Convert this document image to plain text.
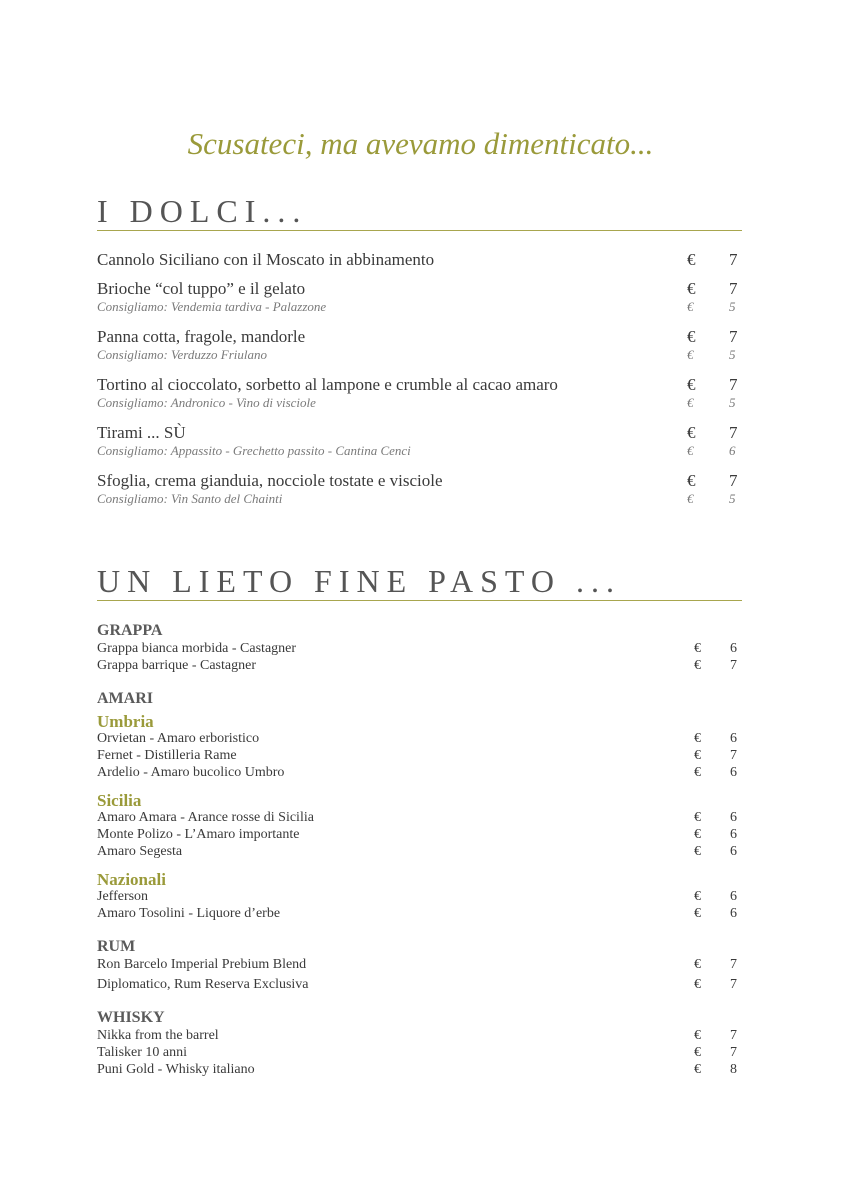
Scusateci, ma avevamo dimenticato...
I DOLCI...
Cannolo Siciliano con il Moscato in abbinamento	€ 7
Brioche “col tuppo” e il gelato	€ 7
Consigliamo: Vendemia tardiva - Palazzone	€	5
Panna cotta, fragole, mandorle	€ 7
Consigliamo: Verduzzo Friulano	€	5
Tortino al cioccolato, sorbetto al lampone e crumble al cacao amaro	€ 7
Consigliamo: Andronico - Vino di visciole	€	5
Tirami ... SÙ	€ 7
Consigliamo: Appassito - Grechetto passito - Cantina Cenci	€	6
Sfoglia, crema gianduia, nocciole tostate e visciole	€ 7
Consigliamo: Vin Santo del Chainti	€	5
UN LIETO FINE PASTO ...
GRAPPA
Grappa bianca morbida - Castagner	€ 6
Grappa barrique - Castagner	€ 7
AMARI
Umbria
Orvietan - Amaro erboristico	€ 6
Fernet - Distilleria Rame	€ 7
Ardelio - Amaro bucolico Umbro	€ 6
Sicilia
Amaro Amara - Arance rosse di Sicilia	€ 6
Monte Polizo - L’Amaro importante	€ 6
Amaro Segesta	€ 6
Nazionali
Jefferson	€ 6
Amaro Tosolini - Liquore d’erbe	€ 6
RUM
Ron Barcelo Imperial Prebium Blend	€ 7
Diplomatico, Rum Reserva Exclusiva	€ 7
WHISKY
Nikka from the barrel	€ 7
Talisker 10 anni	€ 7
Puni Gold - Whisky italiano	€ 8
